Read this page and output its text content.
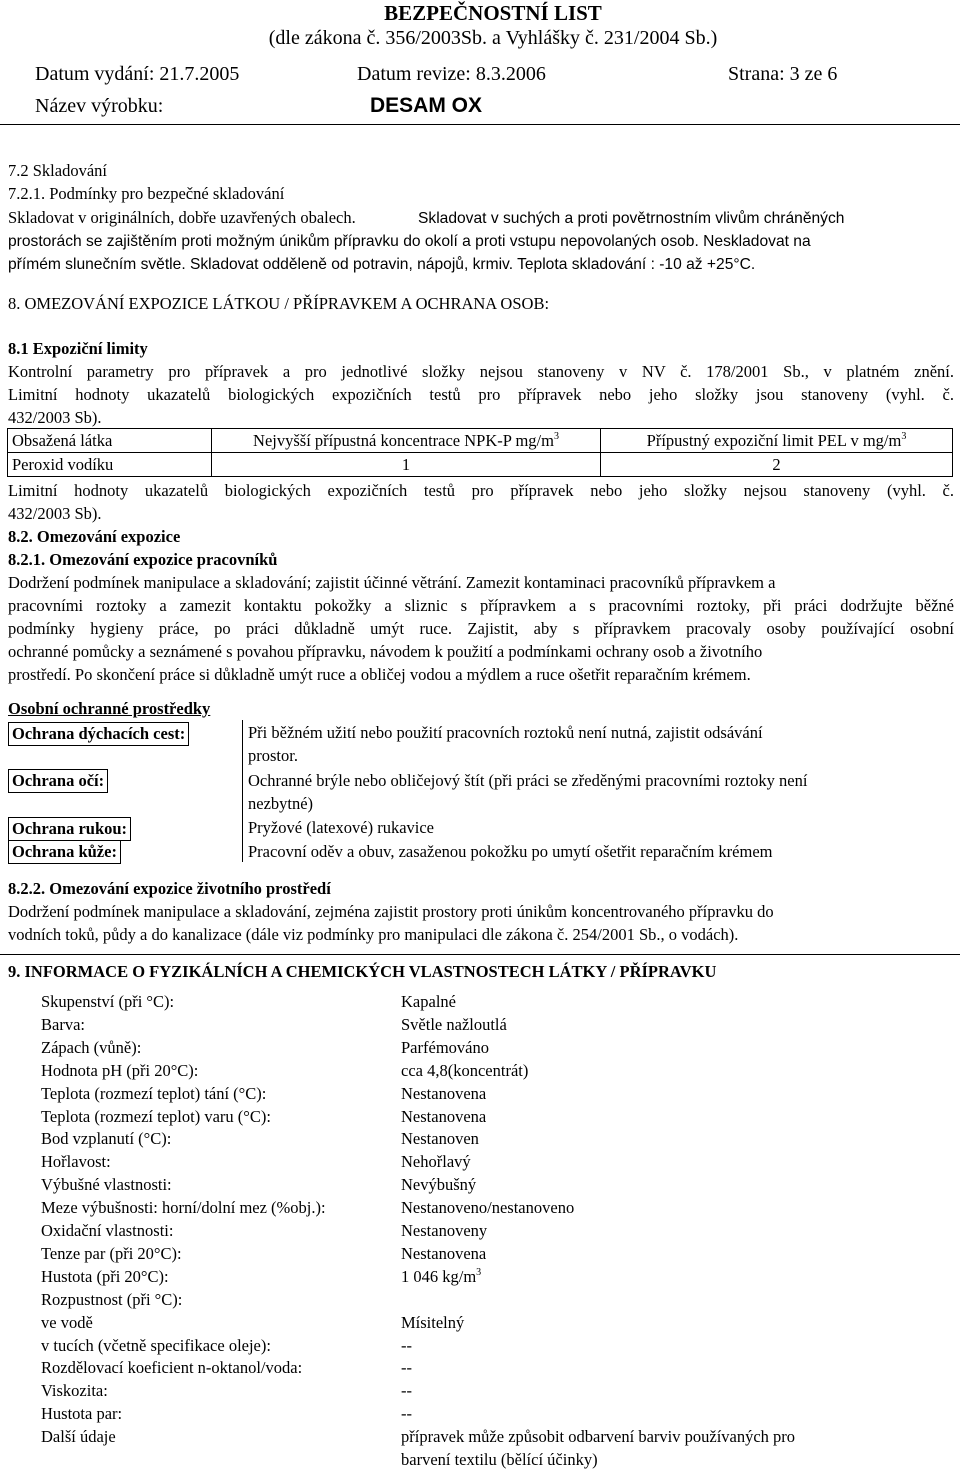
BEZPEČNOSTNÍ LIST
(dle zákona č. 356/2003Sb. a Vyhlášky č. 231/2004 Sb.)
Datum vydání: 21.7.2005	Datum revize: 8.3.2006	Strana: 3 ze 6
Název výrobku:	DESAM OX
7.2 Skladování
7.2.1. Podmínky pro bezpečné skladování
Skladovat v originálních, dobře uzavřených obalech.	Skladovat v suchých a proti povětrnostním vlivům chráněných
prostorách se zajištěním proti možným únikům přípravku do okolí a proti vstupu nepovolaných osob. Neskladovat na
přímém slunečním světle. Skladovat odděleně od potravin, nápojů, krmiv. Teplota skladování : -10 až +25°C.
8. OMEZOVÁNÍ EXPOZICE LÁTKOU / PŘÍPRAVKEM A OCHRANA OSOB:
8.1 Expoziční limity
Kontrolní parametry pro přípravek a pro jednotlivé složky nejsou stanoveny v NV č. 178/2001 Sb., v platném znění.
Limitní hodnoty ukazatelů biologických expozičních testů pro přípravek nebo jeho složky jsou stanoveny (vyhl. č.
432/2003 Sb).
Obsažená látka	Nejvyšší přípustná koncentrace NPK-P $mg/m^3$	Přípustný expoziční limit PEL v $mg/m^3$
Peroxid vodíku	1	2
Limitní hodnoty ukazatelů biologických expozičních testů pro přípravek nebo jeho složky nejsou stanoveny (vyhl. č.
432/2003 Sb).
8.2. Omezování expozice
8.2.1. Omezování expozice pracovníků
Dodržení podmínek manipulace a skladování; zajistit účinné větrání. Zamezit kontaminaci pracovníků přípravkem a
pracovními roztoky a zamezit kontaktu pokožky a sliznic s přípravkem a s pracovními roztoky, při práci dodržujte běžné
podmínky hygieny práce, po práci důkladně umýt ruce. Zajistit, aby s přípravkem pracovaly osoby používající osobní
ochranné pomůcky a seznámené s povahou přípravku, návodem k použití a podmínkami ochrany osob a životního
prostředí. Po skončení práce si důkladně umýt ruce a obličej vodou a mýdlem a ruce ošetřit reparačním krémem.
Osobní ochranné prostředky
Ochrana dýchacích cest:	Při běžném užití nebo použití pracovních roztoků není nutná, zajistit odsávání
prostor.
Ochrana očí:	Ochranné brýle nebo obličejový štít (při práci se zředěnými pracovními roztoky není
nezbytné)
Ochrana rukou:	Pryžové (latexové) rukavice
Ochrana kůže:	Pracovní oděv a obuv, zasaženou pokožku po umytí ošetřit reparačním krémem
8.2.2. Omezování expozice životního prostředí
Dodržení podmínek manipulace a skladování, zejména zajistit prostory proti únikům koncentrovaného přípravku do
vodních toků, půdy a do kanalizace (dále viz podmínky pro manipulaci dle zákona č. 254/2001 Sb., o vodách).
9. INFORMACE O FYZIKÁLNÍCH A CHEMICKÝCH VLASTNOSTECH LÁTKY / PŘÍPRAVKU
Skupenství (při °C):	Kapalné
Barva:	Světle nažloutlá
Zápach (vůně):	Parfémováno
Hodnota pH (při 20°C):	cca 4,8(koncentrát)
Teplota (rozmezí teplot) tání (°C):	Nestanovena
Teplota (rozmezí teplot) varu (°C):	Nestanovena
Bod vzplanutí (°C):	Nestanoven
Hořlavost:	Nehořlavý
Výbušné vlastnosti:	Nevýbušný
Meze výbušnosti: horní/dolní mez (%obj.):	Nestanoveno/nestanoveno
Oxidační vlastnosti:	Nestanoveny
Tenze par (při 20°C):	Nestanovena
Hustota (při 20°C):	1 046 $kg/m^3$
Rozpustnost (při °C):
ve vodě	Mísitelný
v tucích (včetně specifikace oleje):	--
Rozdělovací koeficient n-oktanol/voda:	--
Viskozita:	--
Hustota par:	--
Další údaje	přípravek může způsobit odbarvení barviv používaných pro
barvení textilu (bělící účinky)
